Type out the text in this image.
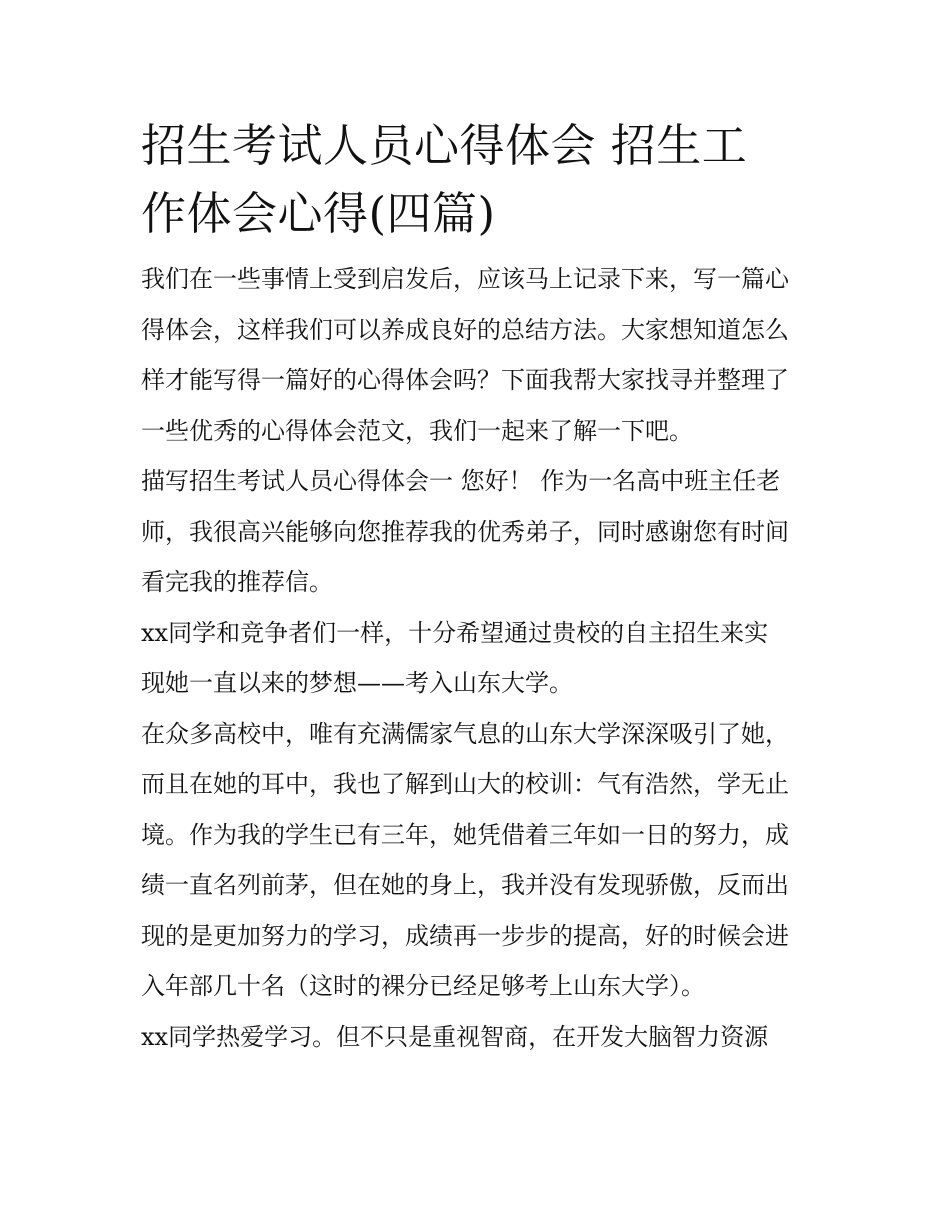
招生考试人员心得体会 招生工
作体会心得(四篇)

我们在一些事情上受到启发后，应该马上记录下来，写一篇心
得体会，这样我们可以养成良好的总结方法。大家想知道怎么
样才能写得一篇好的心得体会吗？下面我帮大家找寻并整理了
一些优秀的心得体会范文，我们一起来了解一下吧。

描写招生考试人员心得体会一 您好！ 作为一名高中班主任老
师，我很高兴能够向您推荐我的优秀弟子，同时感谢您有时间
看完我的推荐信。

xx同学和竞争者们一样，十分希望通过贵校的自主招生来实
现她一直以来的梦想——考入山东大学。

在众多高校中，唯有充满儒家气息的山东大学深深吸引了她，
而且在她的耳中，我也了解到山大的校训：气有浩然，学无止
境。作为我的学生已有三年，她凭借着三年如一日的努力，成
绩一直名列前茅，但在她的身上，我并没有发现骄傲，反而出
现的是更加努力的学习，成绩再一步步的提高，好的时候会进
入年部几十名（这时的裸分已经足够考上山东大学）。

xx同学热爱学习。但不只是重视智商，在开发大脑智力资源
